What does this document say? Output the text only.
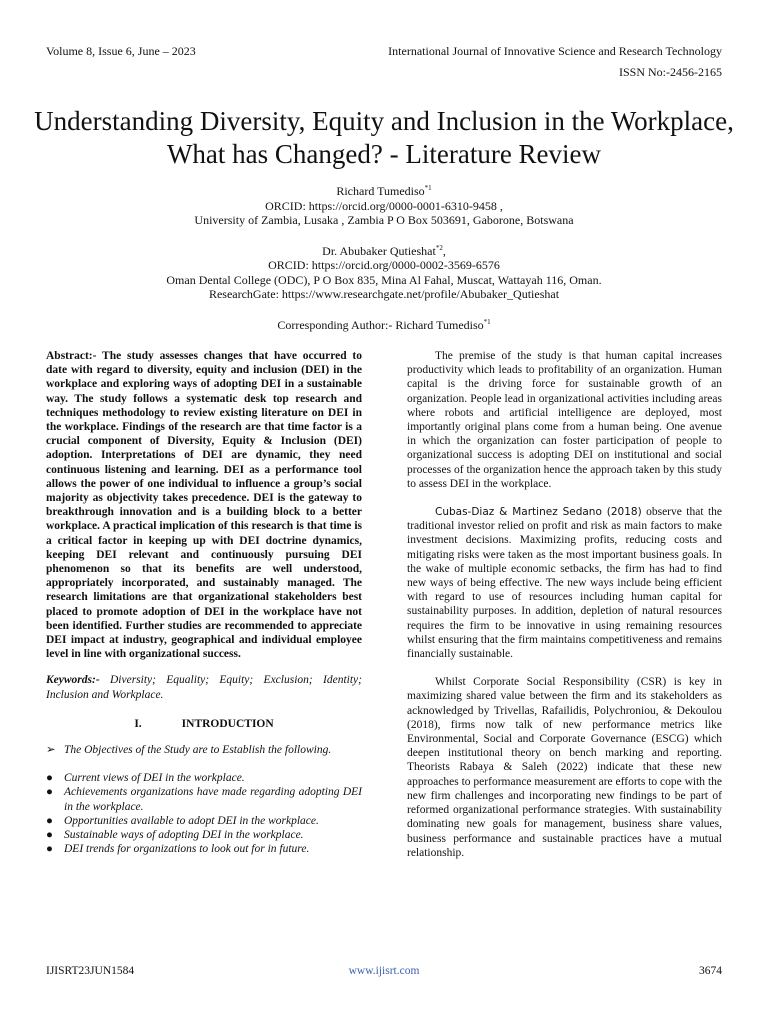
Volume 8, Issue 6, June – 2023	International Journal of Innovative Science and Research Technology
ISSN No:-2456-2165
Understanding Diversity, Equity and Inclusion in the Workplace, What has Changed? - Literature Review
Richard Tumediso$^{*1}$
ORCID: https://orcid.org/0000-0001-6310-9458 ,
University of Zambia, Lusaka , Zambia P O Box 503691, Gaborone, Botswana
Dr. Abubaker Qutieshat$^{*2}$,
ORCID: https://orcid.org/0000-0002-3569-6576
Oman Dental College (ODC), P O Box 835, Mina Al Fahal, Muscat, Wattayah 116, Oman.
ResearchGate: https://www.researchgate.net/profile/Abubaker_Qutieshat
Corresponding Author:- Richard Tumediso$^{*1}$

Abstract:- The study assesses changes that have occurred to date with regard to diversity, equity and inclusion (DEI) in the workplace and exploring ways of adopting DEI in a sustainable way. The study follows a systematic desk top research and techniques methodology to review existing literature on DEI in the workplace. Findings of the research are that time factor is a crucial component of Diversity, Equity & Inclusion (DEI) adoption. Interpretations of DEI are dynamic, they need continuous listening and learning. DEI as a performance tool allows the power of one individual to influence a group’s social majority as objectivity takes precedence. DEI is the gateway to breakthrough innovation and is a building block to a better workplace. A practical implication of this research is that time is a critical factor in keeping up with DEI doctrine dynamics, keeping DEI relevant and continuously pursuing DEI phenomenon so that its benefits are well understood, appropriately incorporated, and sustainably managed. The research limitations are that organizational stakeholders best placed to promote adoption of DEI in the workplace have not been identified. Further studies are recommended to appreciate DEI impact at industry, geographical and individual employee level in line with organizational success.

Keywords:- Diversity; Equality; Equity; Exclusion; Identity; Inclusion and Workplace.

I.	INTRODUCTION
➢ The Objectives of the Study are to Establish the following.
● Current views of DEI in the workplace.
● Achievements organizations have made regarding adopting DEI in the workplace.
● Opportunities available to adopt DEI in the workplace.
● Sustainable ways of adopting DEI in the workplace.
● DEI trends for organizations to look out for in future.

The premise of the study is that human capital increases productivity which leads to profitability of an organization. Human capital is the driving force for sustainable growth of an organization. People lead in organizational activities including areas where robots and artificial intelligence are deployed, most importantly original plans come from a human being. One avenue in which the organization can foster participation of people to organizational success is adopting DEI on institutional and social processes of the organization hence the approach taken by this study to assess DEI in the workplace.

Cubas-Diaz & Martinez Sedano (2018) observe that the traditional investor relied on profit and risk as main factors to make investment decisions. Maximizing profits, reducing costs and mitigating risks were taken as the most important business goals. In the wake of multiple economic setbacks, the firm has had to find new ways of being effective. The new ways include being efficient with regard to use of resources including human capital for sustainability purposes. In addition, depletion of natural resources requires the firm to be innovative in using remaining resources whilst ensuring that the firm maintains competitiveness and remains financially sustainable.

Whilst Corporate Social Responsibility (CSR) is key in maximizing shared value between the firm and its stakeholders as acknowledged by Trivellas, Rafailidis, Polychroniou, & Dekoulou (2018), firms now talk of new performance metrics like Environmental, Social and Corporate Governance (ESCG) which deepen institutional theory on bench marking and reporting. Theorists Rabaya & Saleh (2022) indicate that these new approaches to performance measurement are efforts to cope with the new firm challenges and incorporating new findings to be part of reformed organizational performance strategies. With sustainability dominating new goals for management, business share values, business performance and sustainable practices have a mutual relationship.

IJISRT23JUN1584	www.ijisrt.com	3674
